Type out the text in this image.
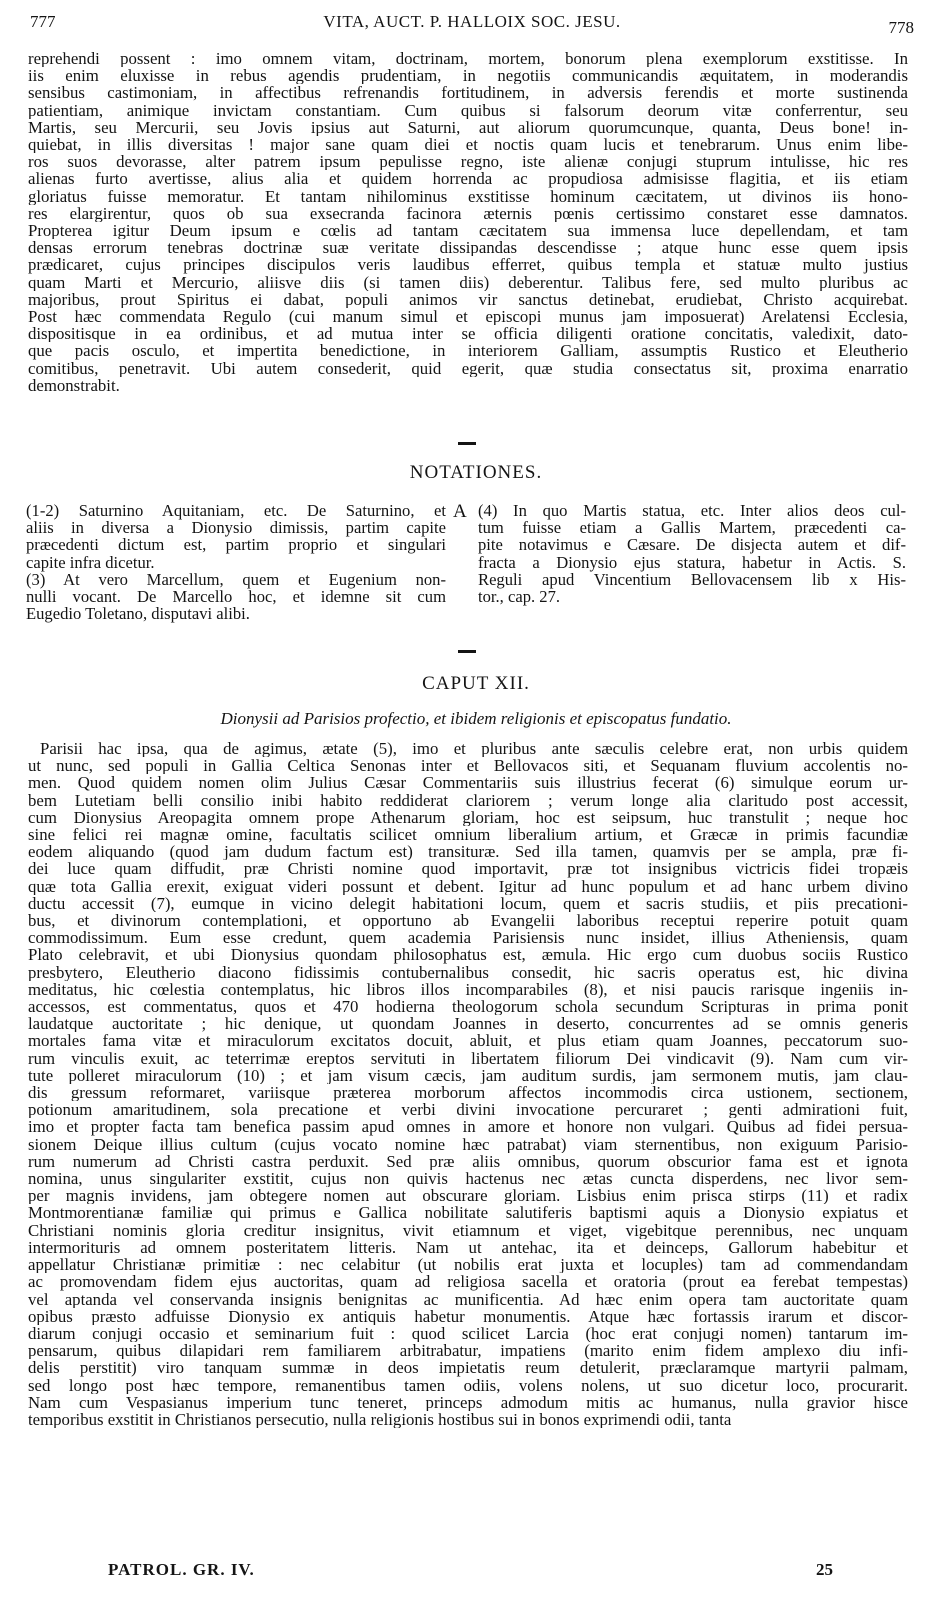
777	VITA, AUCT. P. HALLOIX SOC. JESU.	778
reprehendi possent : imo omnem vitam, doctrinam, mortem, bonorum plena exemplorum exstitisse. In
iis enim eluxisse in rebus agendis prudentiam, in negotiis communicandis æquitatem, in moderandis
sensibus castimoniam, in affectibus refrenandis fortitudinem, in adversis ferendis et morte sustinenda
patientiam, animique invictam constantiam. Cum quibus si falsorum deorum vitæ conferrentur, seu
Martis, seu Mercurii, seu Jovis ipsius aut Saturni, aut aliorum quorumcunque, quanta, Deus bone! in-
quiebat, in illis diversitas ! major sane quam diei et noctis quam lucis et tenebrarum. Unus enim libe-
ros suos devorasse, alter patrem ipsum pepulisse regno, iste alienæ conjugi stuprum intulisse, hic res
alienas furto avertisse, alius alia et quidem horrenda ac propudiosa admisisse flagitia, et iis etiam
gloriatus fuisse memoratur. Et tantam nihilominus exstitisse hominum cæcitatem, ut divinos iis hono-
res elargirentur, quos ob sua exsecranda facinora æternis pœnis certissimo constaret esse damnatos.
Propterea igitur Deum ipsum e cœlis ad tantam cæcitatem sua immensa luce depellendam, et tam
densas errorum tenebras doctrinæ suæ veritate dissipandas descendisse ; atque hunc esse quem ipsis
prædicaret, cujus principes discipulos veris laudibus efferret, quibus templa et statuæ multo justius
quam Marti et Mercurio, aliisve diis (si tamen diis) deberentur. Talibus fere, sed multo pluribus ac
majoribus, prout Spiritus ei dabat, populi animos vir sanctus detinebat, erudiebat, Christo acquirebat.
Post hæc commendata Regulo (cui manum simul et episcopi munus jam imposuerat) Arelatensi Ecclesia,
dispositisque in ea ordinibus, et ad mutua inter se officia diligenti oratione concitatis, valedixit, dato-
que pacis osculo, et impertita benedictione, in interiorem Galliam, assumptis Rustico et Eleutherio
comitibus, penetravit. Ubi autem consederit, quid egerit, quæ studia consectatus sit, proxima enarratio
demonstrabit.
NOTATIONES.
(1-2) Saturnino Aquitaniam, etc. De Saturnino, et
aliis in diversa a Dionysio dimissis, partim capite
præcedenti dictum est, partim proprio et singulari
capite infra dicetur.
(3) At vero Marcellum, quem et Eugenium non-
nulli vocant. De Marcello hoc, et idemne sit cum
Eugedio Toletano, disputavi alibi.
A (4) In quo Martis statua, etc. Inter alios deos cul-
tum fuisse etiam a Gallis Martem, præcedenti ca-
pite notavimus e Cæsare. De disjecta autem et dif-
fracta a Dionysio ejus statura, habetur in Actis. S.
Reguli apud Vincentium Bellovacensem lib x His-
tor., cap. 27.
CAPUT XII.
Dionysii ad Parisios profectio, et ibidem religionis et episcopatus fundatio.
Parisii hac ipsa, qua de agimus, ætate (5), imo et pluribus ante sæculis celebre erat, non urbis quidem
ut nunc, sed populi in Gallia Celtica Senonas inter et Bellovacos siti, et Sequanam fluvium accolentis no-
men. Quod quidem nomen olim Julius Cæsar Commentariis suis illustrius fecerat (6) simulque eorum ur-
bem Lutetiam belli consilio inibi habito reddiderat clariorem ; verum longe alia claritudo post accessit,
cum Dionysius Areopagita omnem prope Athenarum gloriam, hoc est seipsum, huc transtulit ; neque hoc
sine felici rei magnæ omine, facultatis scilicet omnium liberalium artium, et Græcæ in primis facundiæ
eodem aliquando (quod jam dudum factum est) transituræ. Sed illa tamen, quamvis per se ampla, præ fi-
dei luce quam diffudit, præ Christi nomine quod importavit, præ tot insignibus victricis fidei tropæis
quæ tota Gallia erexit, exiguat videri possunt et debent. Igitur ad hunc populum et ad hanc urbem divino
ductu accessit (7), eumque in vicino delegit habitationi locum, quem et sacris studiis, et piis precationi-
bus, et divinorum contemplationi, et opportuno ab Evangelii laboribus receptui reperire potuit quam
commodissimum. Eum esse credunt, quem academia Parisiensis nunc insidet, illius Atheniensis, quam
Plato celebravit, et ubi Dionysius quondam philosophatus est, æmula. Hic ergo cum duobus sociis Rustico
presbytero, Eleutherio diacono fidissimis contubernalibus consedit, hic sacris operatus est, hic divina
meditatus, hic cœlestia contemplatus, hic libros illos incomparabiles (8), et nisi paucis rarisque ingeniis in-
accessos, est commentatus, quos et 470 hodierna theologorum schola secundum Scripturas in prima ponit
laudatque auctoritate ; hic denique, ut quondam Joannes in deserto, concurrentes ad se omnis generis
mortales fama vitæ et miraculorum excitatos docuit, abluit, et plus etiam quam Joannes, peccatorum suo-
rum vinculis exuit, ac teterrimæ ereptos servituti in libertatem filiorum Dei vindicavit (9). Nam cum vir-
tute polleret miraculorum (10) ; et jam visum cæcis, jam auditum surdis, jam sermonem mutis, jam clau-
dis gressum reformaret, variisque præterea morborum affectos incommodis circa ustionem, sectionem,
potionum amaritudinem, sola precatione et verbi divini invocatione percuraret ; genti admirationi fuit,
imo et propter facta tam benefica passim apud omnes in amore et honore non vulgari. Quibus ad fidei persua-
sionem Deique illius cultum (cujus vocato nomine hæc patrabat) viam sternentibus, non exiguum Parisio-
rum numerum ad Christi castra perduxit. Sed præ aliis omnibus, quorum obscurior fama est et ignota
nomina, unus singulariter exstitit, cujus non quivis hactenus nec ætas cuncta disperdens, nec livor sem-
per magnis invidens, jam obtegere nomen aut obscurare gloriam. Lisbius enim prisca stirps (11) et radix
Montmorentianæ familiæ qui primus e Gallica nobilitate salutiferis baptismi aquis a Dionysio expiatus et
Christiani nominis gloria creditur insignitus, vivit etiamnum et viget, vigebitque perennibus, nec unquam
intermorituris ad omnem posteritatem litteris. Nam ut antehac, ita et deinceps, Gallorum habebitur et
appellatur Christianæ primitiæ : nec celabitur (ut nobilis erat juxta et locuples) tam ad commendandam
ac promovendam fidem ejus auctoritas, quam ad religiosa sacella et oratoria (prout ea ferebat tempestas)
vel aptanda vel conservanda insignis benignitas ac munificentia. Ad hæc enim opera tam auctoritate quam
opibus præsto adfuisse Dionysio ex antiquis habetur monumentis. Atque hæc fortassis irarum et discor-
diarum conjugi occasio et seminarium fuit : quod scilicet Larcia (hoc erat conjugi nomen) tantarum im-
pensarum, quibus dilapidari rem familiarem arbitrabatur, impatiens (marito enim fidem amplexo diu infi-
delis perstitit) viro tanquam summæ in deos impietatis reum detulerit, præclaramque martyrii palmam,
sed longo post hæc tempore, remanentibus tamen odiis, volens nolens, ut suo dicetur loco, procurarit.
Nam cum Vespasianus imperium tunc teneret, princeps admodum mitis ac humanus, nulla gravior hisce
temporibus exstitit in Christianos persecutio, nulla religionis hostibus sui in bonos exprimendi odii, tanta
PATROL. GR. IV.	25
